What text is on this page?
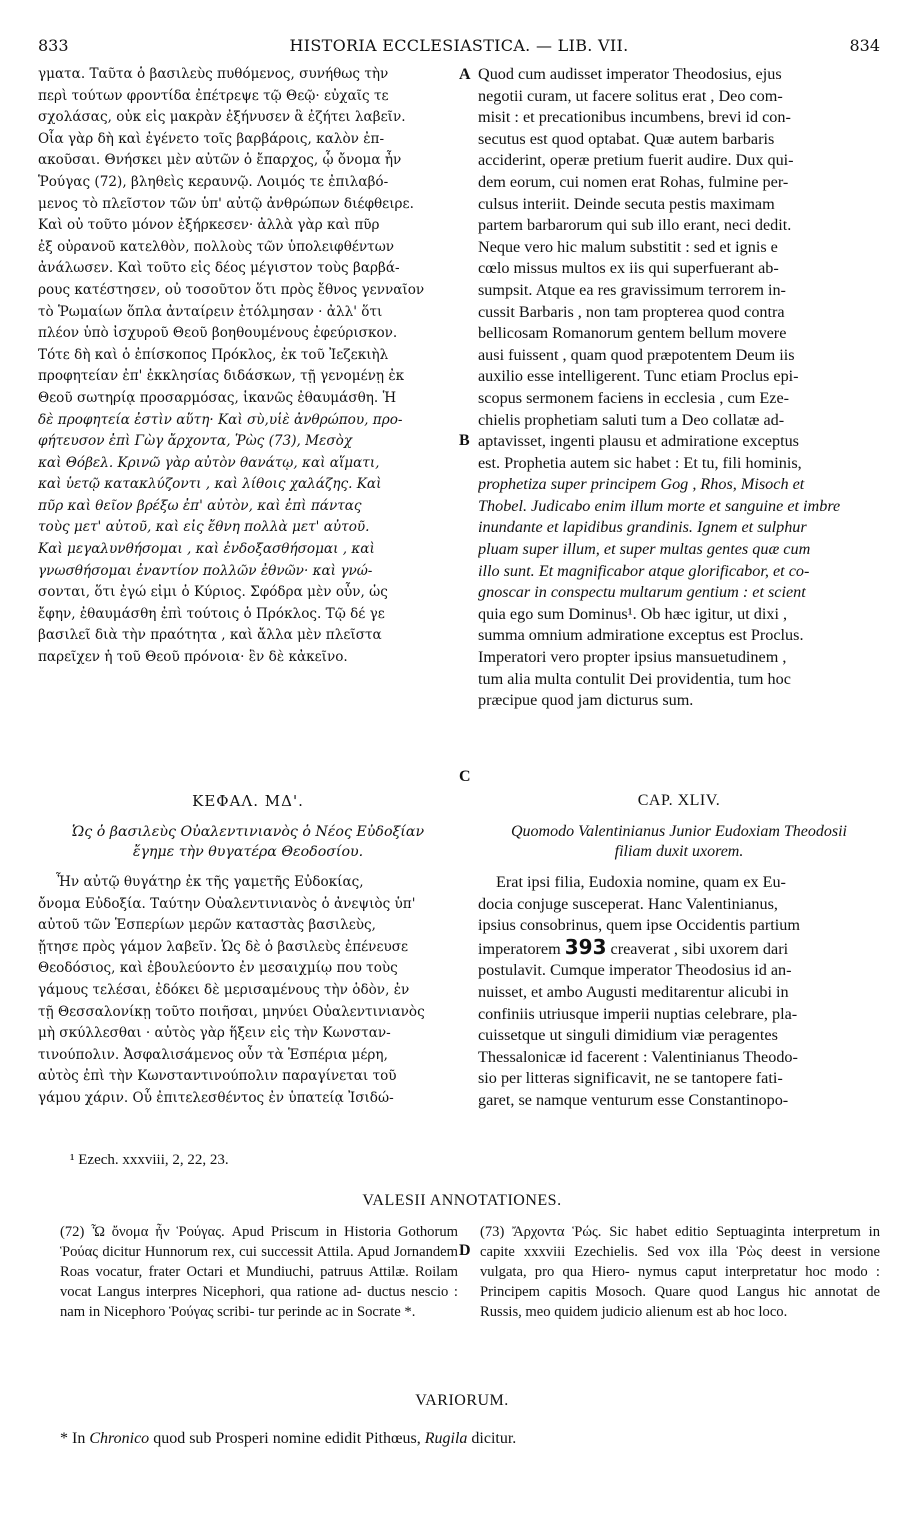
833	HISTORIA ECCLESIASTICA. — LIB. VII.	834
A
B
C
D
γματα. Ταῦτα ὁ βασιλεὺς πυθόμενος, συνήθως τὴν
περὶ τούτων φροντίδα ἐπέτρεψε τῷ Θεῷ· εὐχαῖς τε
σχολάσας, οὐκ εἰς μακρὰν ἐξήνυσεν ἃ ἐζήτει λαβεῖν.
Οἷα γὰρ δὴ καὶ ἐγένετο τοῖς βαρβάροις, καλὸν ἐπ-
ακοῦσαι. Θνήσκει μὲν αὐτῶν ὁ ἔπαρχος, ᾧ ὄνομα ἦν
Ῥούγας (72), βληθεὶς κεραυνῷ. Λοιμός τε ἐπιλαβό-
μενος τὸ πλεῖστον τῶν ὑπ' αὐτῷ ἀνθρώπων διέφθειρε.
Καὶ οὐ τοῦτο μόνον ἐξήρκεσεν· ἀλλὰ γὰρ καὶ πῦρ
ἐξ οὐρανοῦ κατελθὸν, πολλοὺς τῶν ὑπολειφθέντων
ἀνάλωσεν. Καὶ τοῦτο εἰς δέος μέγιστον τοὺς βαρβά-
ρους κατέστησεν, οὐ τοσοῦτον ὅτι πρὸς ἔθνος γενναῖον
τὸ Ῥωμαίων ὅπλα ἀνταίρειν ἐτόλμησαν · ἀλλ' ὅτι
πλέον ὑπὸ ἰσχυροῦ Θεοῦ βοηθουμένους ἐφεύρισκον.
Τότε δὴ καὶ ὁ ἐπίσκοπος Πρόκλος, ἐκ τοῦ Ἰεζεκιὴλ
προφητείαν ἐπ' ἐκκλησίας διδάσκων, τῇ γενομένῃ ἐκ
Θεοῦ σωτηρίᾳ προσαρμόσας, ἱκανῶς ἐθαυμάσθη. Ἡ
δὲ προφητεία ἐστὶν αὕτη· Καὶ σὺ,υἱὲ ἀνθρώπου, προ-
φήτευσον ἐπὶ Γὼγ ἄρχοντα, Ῥὼς (73), Μεσὸχ
καὶ Θόβελ. Κρινῶ γὰρ αὐτὸν θανάτῳ, καὶ αἵματι,
καὶ ὑετῷ κατακλύζοντι , καὶ λίθοις χαλάζης. Καὶ
πῦρ καὶ θεῖον βρέξω ἐπ' αὐτὸν, καὶ ἐπὶ πάντας
τοὺς μετ' αὐτοῦ, καὶ εἰς ἔθνη πολλὰ μετ' αὐτοῦ.
Καὶ μεγαλυνθήσομαι , καὶ ἐνδοξασθήσομαι , καὶ
γνωσθήσομαι ἐναντίον πολλῶν ἐθνῶν· καὶ γνώ-
σονται, ὅτι ἐγώ εἰμι ὁ Κύριος. Σφόδρα μὲν οὖν, ὡς
ἔφην, ἐθαυμάσθη ἐπὶ τούτοις ὁ Πρόκλος. Τῷ δέ γε
βασιλεῖ διὰ τὴν πραότητα , καὶ ἄλλα μὲν πλεῖστα
παρεῖχεν ἡ τοῦ Θεοῦ πρόνοια· ἓν δὲ κἀκεῖνο.
Quod cum audisset imperator Theodosius, ejus
negotii curam, ut facere solitus erat , Deo com-
misit : et precationibus incumbens, brevi id con-
secutus est quod optabat. Quæ autem barbaris
acciderint, operæ pretium fuerit audire. Dux qui-
dem eorum, cui nomen erat Rohas, fulmine per-
culsus interiit. Deinde secuta pestis maximam
partem barbarorum qui sub illo erant, neci dedit.
Neque vero hic malum substitit : sed et ignis e
cœlo missus multos ex iis qui superfuerant ab-
sumpsit. Atque ea res gravissimum terrorem in-
cussit Barbaris , non tam propterea quod contra
bellicosam Romanorum gentem bellum movere
ausi fuissent , quam quod præpotentem Deum iis
auxilio esse intelligerent. Tunc etiam Proclus epi-
scopus sermonem faciens in ecclesia , cum Eze-
chielis prophetiam saluti tum a Deo collatæ ad-
aptavisset, ingenti plausu et admiratione exceptus
est. Prophetia autem sic habet : Et tu, fili hominis,
prophetiza super principem Gog , Rhos, Misoch et
Thobel. Judicabo enim illum morte et sanguine et imbre
inundante et lapidibus grandinis. Ignem et sulphur
pluam super illum, et super multas gentes quæ cum
illo sunt. Et magnificabor atque glorificabor, et co-
gnoscar in conspectu multarum gentium : et scient
quia ego sum Dominus¹. Ob hæc igitur, ut dixi ,
summa omnium admiratione exceptus est Proclus.
Imperatori vero propter ipsius mansuetudinem ,
tum alia multa contulit Dei providentia, tum hoc
præcipue quod jam dicturus sum.
ΚΕΦΑΛ. ΜΔ'.	CAP. XLIV.
Ὡς ὁ βασιλεὺς Οὐαλεντινιανὸς ὁ Νέος Εὐδοξίαν
ἔγημε τὴν θυγατέρα Θεοδοσίου.
Quomodo Valentinianus Junior Eudoxiam Theodosii
filiam duxit uxorem.
Ἦν αὐτῷ θυγάτηρ ἐκ τῆς γαμετῆς Εὐδοκίας,
ὄνομα Εὐδοξία. Ταύτην Οὐαλεντινιανὸς ὁ ἀνεψιὸς ὑπ'
αὐτοῦ τῶν Ἑσπερίων μερῶν καταστὰς βασιλεὺς,
ᾔτησε πρὸς γάμον λαβεῖν. Ὡς δὲ ὁ βασιλεὺς ἐπένευσε
Θεοδόσιος, καὶ ἐβουλεύοντο ἐν μεσαιχμίῳ που τοὺς
γάμους τελέσαι, ἐδόκει δὲ μερισαμένους τὴν ὁδὸν, ἐν
τῇ Θεσσαλονίκῃ τοῦτο ποιῆσαι, μηνύει Οὐαλεντινιανὸς
μὴ σκύλλεσθαι · αὐτὸς γὰρ ἥξειν εἰς τὴν Κωνσταν-
τινούπολιν. Ἀσφαλισάμενος οὖν τὰ Ἑσπέρια μέρη,
αὐτὸς ἐπὶ τὴν Κωνσταντινούπολιν παραγίνεται τοῦ
γάμου χάριν. Οὗ ἐπιτελεσθέντος ἐν ὑπατείᾳ Ἰσιδώ-
Erat ipsi filia, Eudoxia nomine, quam ex Eu-
docia conjuge susceperat. Hanc Valentinianus,
ipsius consobrinus, quem ipse Occidentis partium
imperatorem 393 creaverat , sibi uxorem dari
postulavit. Cumque imperator Theodosius id an-
nuisset, et ambo Augusti meditarentur alicubi in
confiniis utriusque imperii nuptias celebrare, pla-
cuissetque ut singuli dimidium viæ peragentes
Thessalonicæ id facerent : Valentinianus Theodo-
sio per litteras significavit, ne se tantopere fati-
garet, se namque venturum esse Constantinopo-
¹ Ezech. xxxviii, 2, 22, 23.
VALESII ANNOTATIONES.
(72) Ὧ ὄνομα ἦν Ῥούγας. Apud Priscum in Historia Gothorum Ῥούας dicitur Hunnorum rex, cui successit Attila. Apud Jornandem Roas vocatur, frater Octari et Mundiuchi, patruus Attilæ. Roilam vocat Langus interpres Nicephori, qua ratione ad- ductus nescio : nam in Nicephoro Ῥούγας scribi- tur perinde ac in Socrate *.
(73) Ἄρχοντα Ῥώς. Sic habet editio Septuaginta interpretum in capite xxxviii Ezechielis. Sed vox illa Ῥὼς deest in versione vulgata, pro qua Hiero- nymus caput interpretatur hoc modo : Principem capitis Mosoch. Quare quod Langus hic annotat de Russis, meo quidem judicio alienum est ab hoc loco.
VARIORUM.
* In Chronico quod sub Prosperi nomine edidit Pithœus, Rugila dicitur.
